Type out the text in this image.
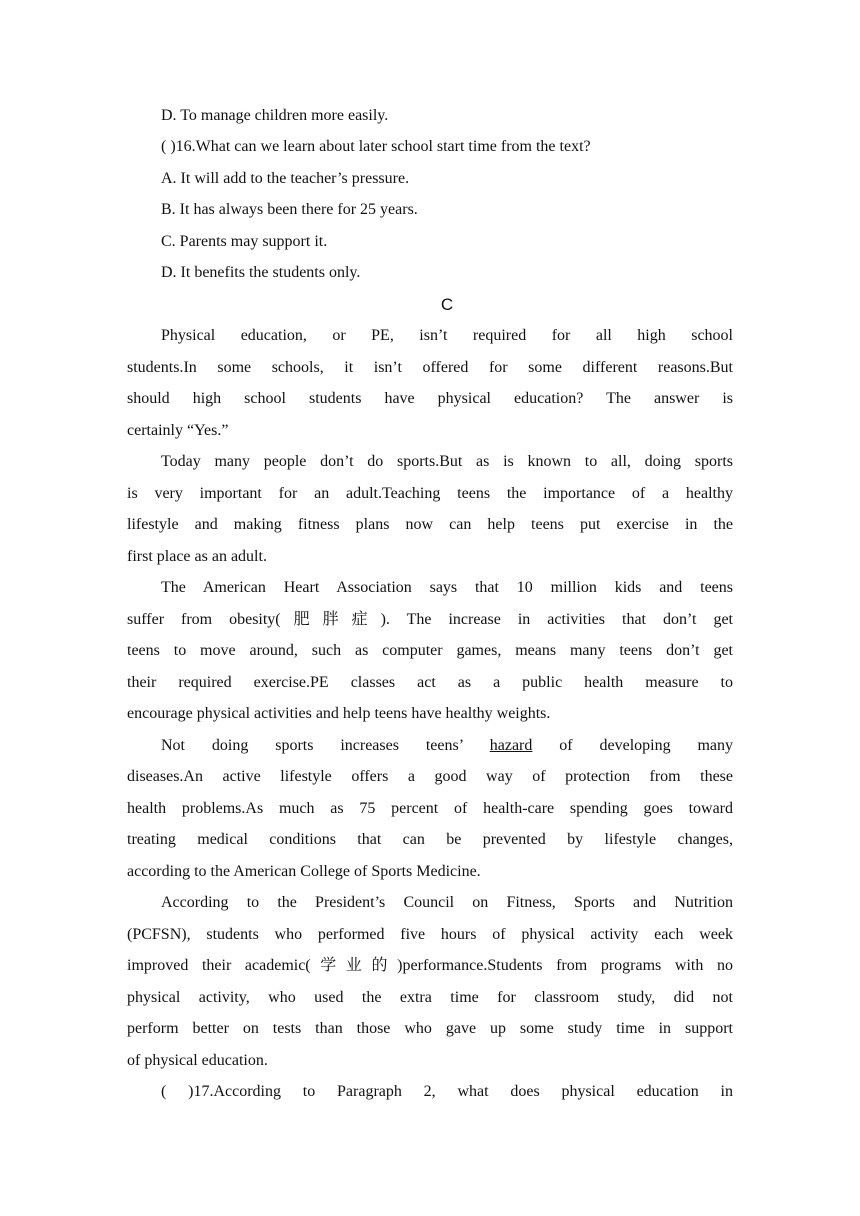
D. To manage children more easily.
( )16.What can we learn about later school start time from the text?
A. It will add to the teacher’s pressure.
B. It has always been there for 25 years.
C. Parents may support it.
D. It benefits the students only.
C
Physical education, or PE, isn’t required for all high school
students.In some schools, it isn’t offered for some different reasons.But
should high school students have physical education? The answer is
certainly “Yes.”
Today many people don’t do sports.But as is known to all, doing sports
is very important for an adult.Teaching teens the importance of a healthy
lifestyle and making fitness plans now can help teens put exercise in the
first place as an adult.
The American Heart Association says that 10 million kids and teens
suffer from obesity(肥胖症). The increase in activities that don’t get
teens to move around, such as computer games, means many teens don’t get
their required exercise.PE classes act as a public health measure to
encourage physical activities and help teens have healthy weights.
Not doing sports increases teens’ hazard of developing many
diseases.An active lifestyle offers a good way of protection from these
health problems.As much as 75 percent of health-care spending goes toward
treating medical conditions that can be prevented by lifestyle changes,
according to the American College of Sports Medicine.
According to the President’s Council on Fitness, Sports and Nutrition
(PCFSN), students who performed five hours of physical activity each week
improved their academic(学业的)performance.Students from programs with no
physical activity, who used the extra time for classroom study, did not
perform better on tests than those who gave up some study time in support
of physical education.
( )17.According to Paragraph 2, what does physical education in
